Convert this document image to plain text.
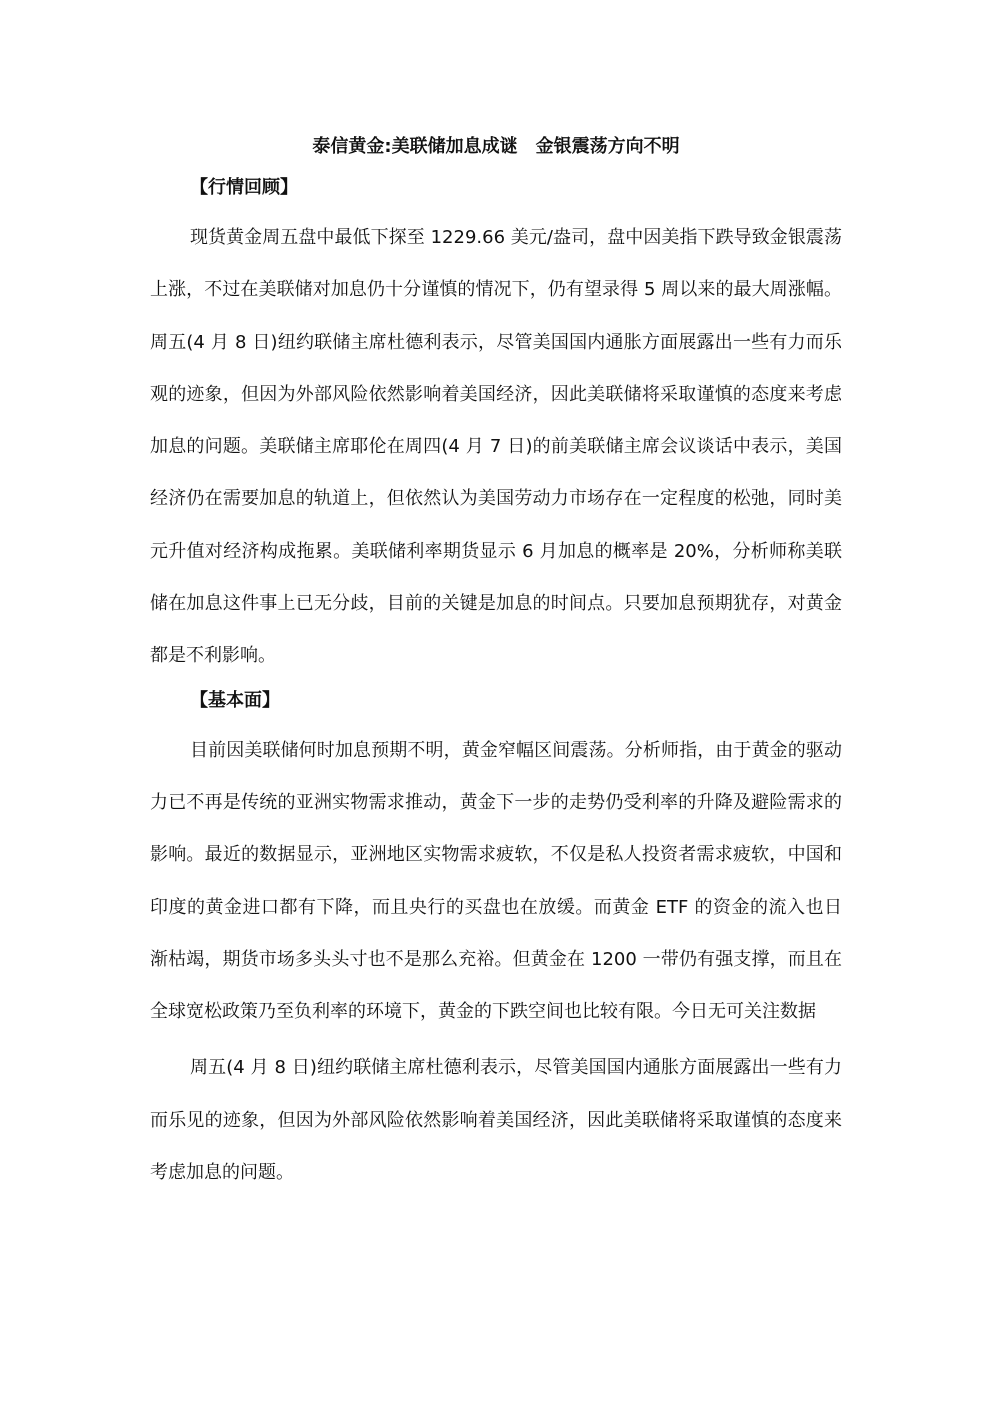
泰信黄金:美联储加息成谜　金银震荡方向不明
【行情回顾】

现货黄金周五盘中最低下探至 1229.66 美元/盎司，盘中因美指下跌导致金银震荡上涨，不过在美联储对加息仍十分谨慎的情况下，仍有望录得 5 周以来的最大周涨幅。周五(4 月 8 日)纽约联储主席杜德利表示，尽管美国国内通胀方面展露出一些有力而乐观的迹象，但因为外部风险依然影响着美国经济，因此美联储将采取谨慎的态度来考虑加息的问题。美联储主席耶伦在周四(4 月 7 日)的前美联储主席会议谈话中表示，美国经济仍在需要加息的轨道上，但依然认为美国劳动力市场存在一定程度的松弛，同时美元升值对经济构成拖累。美联储利率期货显示 6 月加息的概率是 20%，分析师称美联储在加息这件事上已无分歧，目前的关键是加息的时间点。只要加息预期犹存，对黄金都是不利影响。

【基本面】

目前因美联储何时加息预期不明，黄金窄幅区间震荡。分析师指，由于黄金的驱动力已不再是传统的亚洲实物需求推动，黄金下一步的走势仍受利率的升降及避险需求的影响。最近的数据显示，亚洲地区实物需求疲软，不仅是私人投资者需求疲软，中国和印度的黄金进口都有下降，而且央行的买盘也在放缓。而黄金 ETF 的资金的流入也日渐枯竭，期货市场多头头寸也不是那么充裕。但黄金在 1200 一带仍有强支撑，而且在全球宽松政策乃至负利率的环境下，黄金的下跌空间也比较有限。今日无可关注数据

周五(4 月 8 日)纽约联储主席杜德利表示，尽管美国国内通胀方面展露出一些有力而乐见的迹象，但因为外部风险依然影响着美国经济，因此美联储将采取谨慎的态度来考虑加息的问题。
